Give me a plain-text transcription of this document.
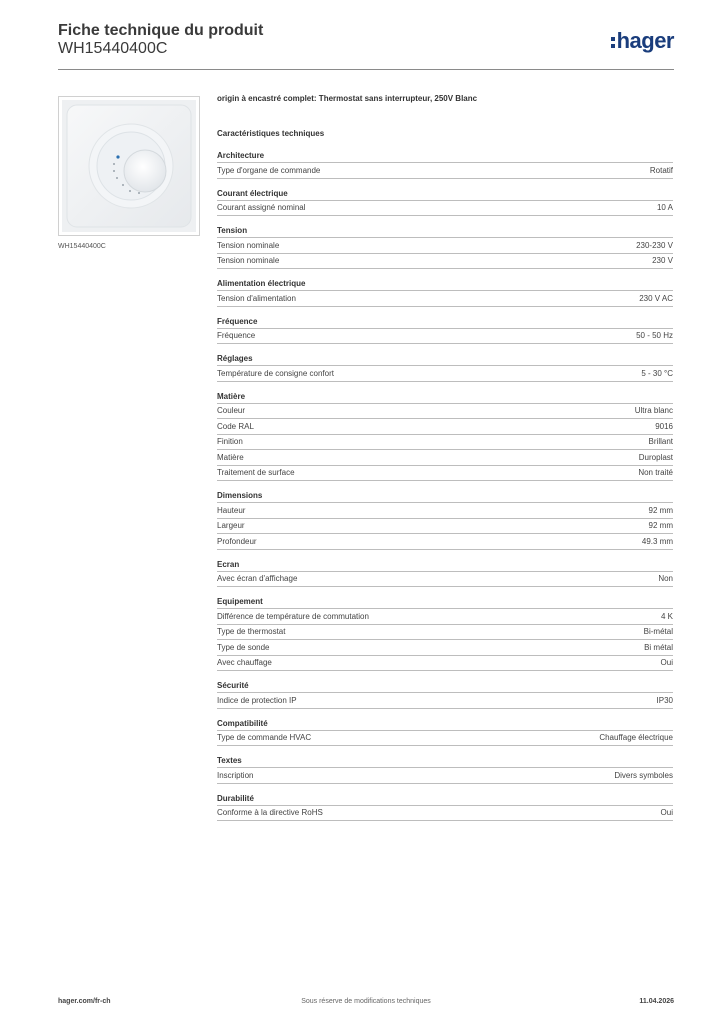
Fiche technique du produit
WH15440400C	hager
WH15440400C
origin à encastré complet: Thermostat sans interrupteur, 250V Blanc
Caractéristiques techniques
Architecture
Type d'organe de commande	Rotatif
Courant électrique
Courant assigné nominal	10 A
Tension
Tension nominale	230-230 V
Tension nominale	230 V
Alimentation électrique
Tension d'alimentation	230 V AC
Fréquence
Fréquence	50 - 50 Hz
Réglages
Température de consigne confort	5 - 30 °C
Matière
Couleur	Ultra blanc
Code RAL	9016
Finition	Brillant
Matière	Duroplast
Traitement de surface	Non traité
Dimensions
Hauteur	92 mm
Largeur	92 mm
Profondeur	49.3 mm
Ecran
Avec écran d'affichage	Non
Equipement
Différence de température de commutation	4 K
Type de thermostat	Bi-métal
Type de sonde	Bi métal
Avec chauffage	Oui
Sécurité
Indice de protection IP	IP30
Compatibilité
Type de commande HVAC	Chauffage électrique
Textes
Inscription	Divers symboles
Durabilité
Conforme à la directive RoHS	Oui
hager.com/fr-ch	Sous réserve de modifications techniques	11.04.2026
